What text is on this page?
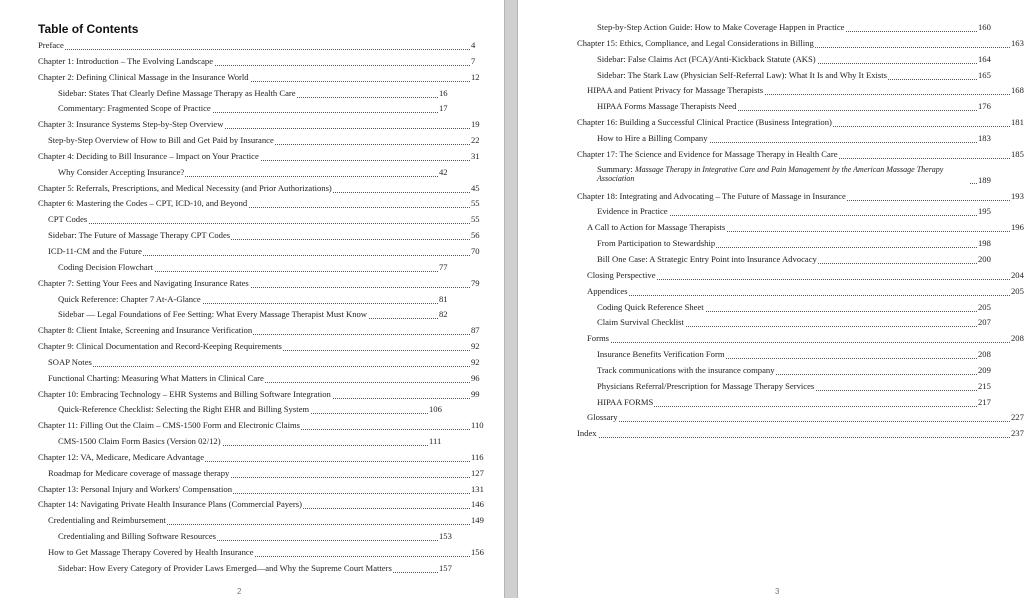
Table of Contents
Preface	4
Chapter 1: Introduction – The Evolving Landscape	7
Chapter 2: Defining Clinical Massage in the Insurance World	12
Sidebar: States That Clearly Define Massage Therapy as Health Care	16
Commentary: Fragmented Scope of Practice	17
Chapter 3: Insurance Systems Step-by-Step Overview	19
Step-by-Step Overview of How to Bill and Get Paid by Insurance	22
Chapter 4: Deciding to Bill Insurance – Impact on Your Practice	31
Why Consider Accepting Insurance?	42
Chapter 5: Referrals, Prescriptions, and Medical Necessity (and Prior Authorizations)	45
Chapter 6: Mastering the Codes – CPT, ICD-10, and Beyond	55
CPT Codes	55
Sidebar: The Future of Massage Therapy CPT Codes	56
ICD-11-CM and the Future	70
Coding Decision Flowchart	77
Chapter 7: Setting Your Fees and Navigating Insurance Rates	79
Quick Reference: Chapter 7 At-A-Glance	81
Sidebar — Legal Foundations of Fee Setting: What Every Massage Therapist Must Know	82
Chapter 8: Client Intake, Screening and Insurance Verification	87
Chapter 9: Clinical Documentation and Record-Keeping Requirements	92
SOAP Notes	92
Functional Charting: Measuring What Matters in Clinical Care	96
Chapter 10: Embracing Technology – EHR Systems and Billing Software Integration	99
Quick-Reference Checklist: Selecting the Right EHR and Billing System	106
Chapter 11: Filling Out the Claim – CMS-1500 Form and Electronic Claims	110
CMS-1500 Claim Form Basics (Version 02/12)	111
Chapter 12: VA, Medicare, Medicare Advantage	116
Roadmap for Medicare coverage of massage therapy	127
Chapter 13: Personal Injury and Workers' Compensation	131
Chapter 14: Navigating Private Health Insurance Plans (Commercial Payers)	146
Credentialing and Reimbursement	149
Credentialing and Billing Software Resources	153
How to Get Massage Therapy Covered by Health Insurance	156
Sidebar: How Every Category of Provider Laws Emerged—and Why the Supreme Court Matters	157
2
Step-by-Step Action Guide: How to Make Coverage Happen in Practice	160
Chapter 15: Ethics, Compliance, and Legal Considerations in Billing	163
Sidebar: False Claims Act (FCA)/Anti-Kickback Statute (AKS)	164
Sidebar: The Stark Law (Physician Self-Referral Law): What It Is and Why It Exists	165
HIPAA and Patient Privacy for Massage Therapists	168
HIPAA Forms Massage Therapists Need	176
Chapter 16: Building a Successful Clinical Practice (Business Integration)	181
How to Hire a Billing Company	183
Chapter 17: The Science and Evidence for Massage Therapy in Health Care	185
Summary: Massage Therapy in Integrative Care and Pain Management by the American Massage Therapy Association	189
Chapter 18: Integrating and Advocating – The Future of Massage in Insurance	193
Evidence in Practice	195
A Call to Action for Massage Therapists	196
From Participation to Stewardship	198
Bill One Case: A Strategic Entry Point into Insurance Advocacy	200
Closing Perspective	204
Appendices	205
Coding Quick Reference Sheet	205
Claim Survival Checklist	207
Forms	208
Insurance Benefits Verification Form	208
Track communications with the insurance company	209
Physicians Referral/Prescription for Massage Therapy Services	215
HIPAA FORMS	217
Glossary	227
Index	237
3
